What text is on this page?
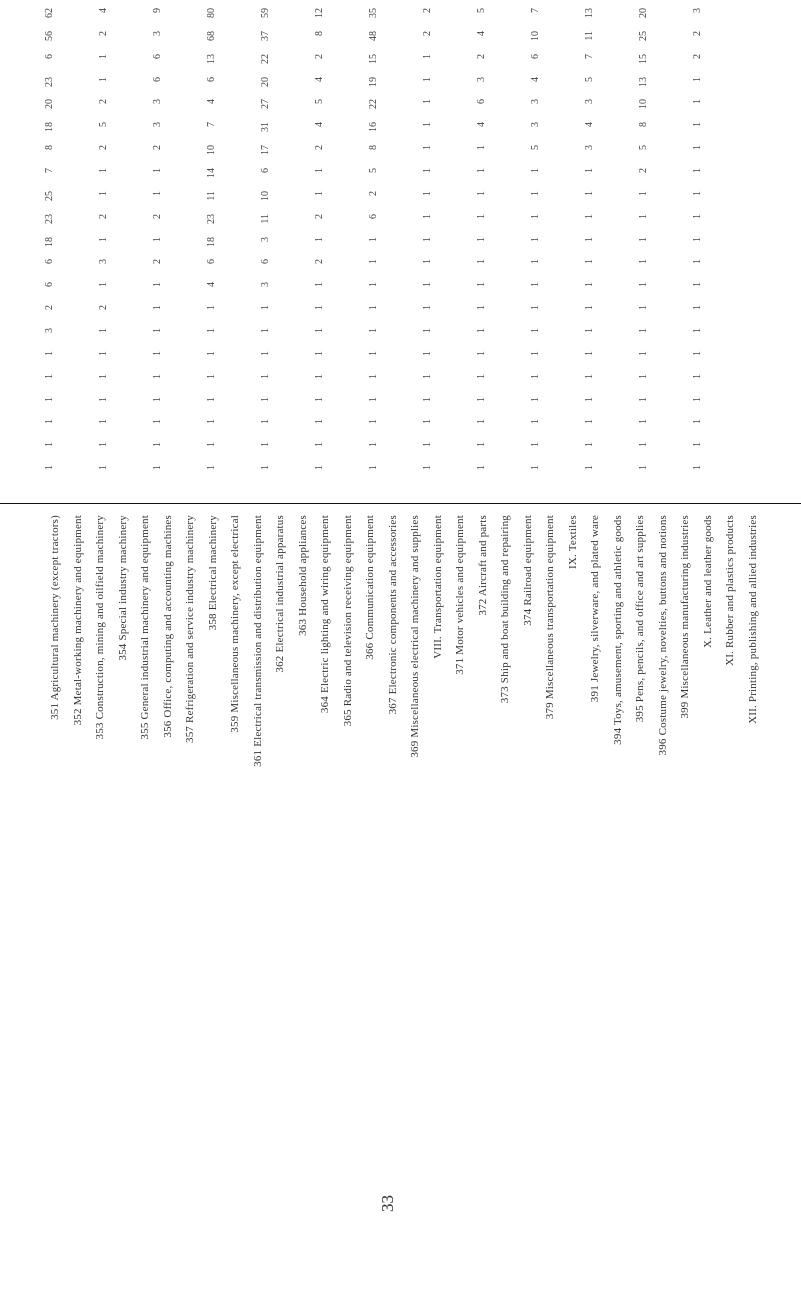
351 Agricultural machinery (except tractors) 352 Metal-working machinery and equipment 353 Construction, mining and oilfield machinery 354 Special industry machinery 355 General industrial machinery and equipment 356 Office, computing and accounting machines 357 Refrigeration and service industry machinery 358 Electrical machinery 359 Miscellaneous machinery, except electrical 361 Electrical transmission and distribution equipment 362 Electrical industrial apparatus 363 Household appliances 364 Electric lighting and wiring equipment 365 Radio and television receiving equipment 366 Communication equipment 367 Electronic components and accessories 369 Miscellaneous electrical machinery and supplies VIII. Transportation equipment 371 Motor vehicles and equipment 372 Aircraft and parts 373 Ship and boat building and repairing 374 Railroad equipment 379 Miscellaneous transportation equipment IX. Textiles 391 Jewelry, silverware, and plated ware 394 Toys, amusement, sporting and athletic goods 395 Pens, pencils, and office and art supplies 396 Costume jewelry, novelties, buttons and notions 399 Miscellaneous manufacturing industries X. Leather and leather goods XI. Rubber and plastics products XII. Printing, publishing and allied industries
62
56
6
23
20
18
8
7
25
23
18
6
6
2
3
1
1
1
1
1
1
4
2
1
1
2
5
2
1
1
2
1
3
1
2
1
1
1
1
1
1
1
9
3
6
6
3
3
2
1
1
2
1
2
1
1
1
1
1
1
1
1
1
80
68
13
6
4
7
10
14
11
23
18
6
4
1
1
1
1
1
1
1
1
59
37
22
20
27
31
17
6
10
11
3
6
3
1
1
1
1
1
1
1
1
12
8
2
4
5
4
2
1
1
2
1
2
1
1
1
1
1
1
1
1
1
35
48
15
19
22
16
8
5
2
6
1
1
1
1
1
1
1
1
1
1
1
2
2
1
1
1
1
1
1
1
1
1
1
1
1
1
1
1
1
1
1
1
5
4
2
3
6
4
1
1
1
1
1
1
1
1
1
1
1
1
1
1
1
7
10
6
4
3
3
5
1
1
1
1
1
1
1
1
1
1
1
1
1
1
13
11
7
5
3
4
3
1
1
1
1
1
1
1
1
1
1
1
1
1
1
20
25
15
13
10
8
5
2
1
1
1
1
1
1
1
1
1
1
1
1
1
3
2
2
1
1
1
1
1
1
1
1
1
1
1
1
1
1
1
1
1
1
33
